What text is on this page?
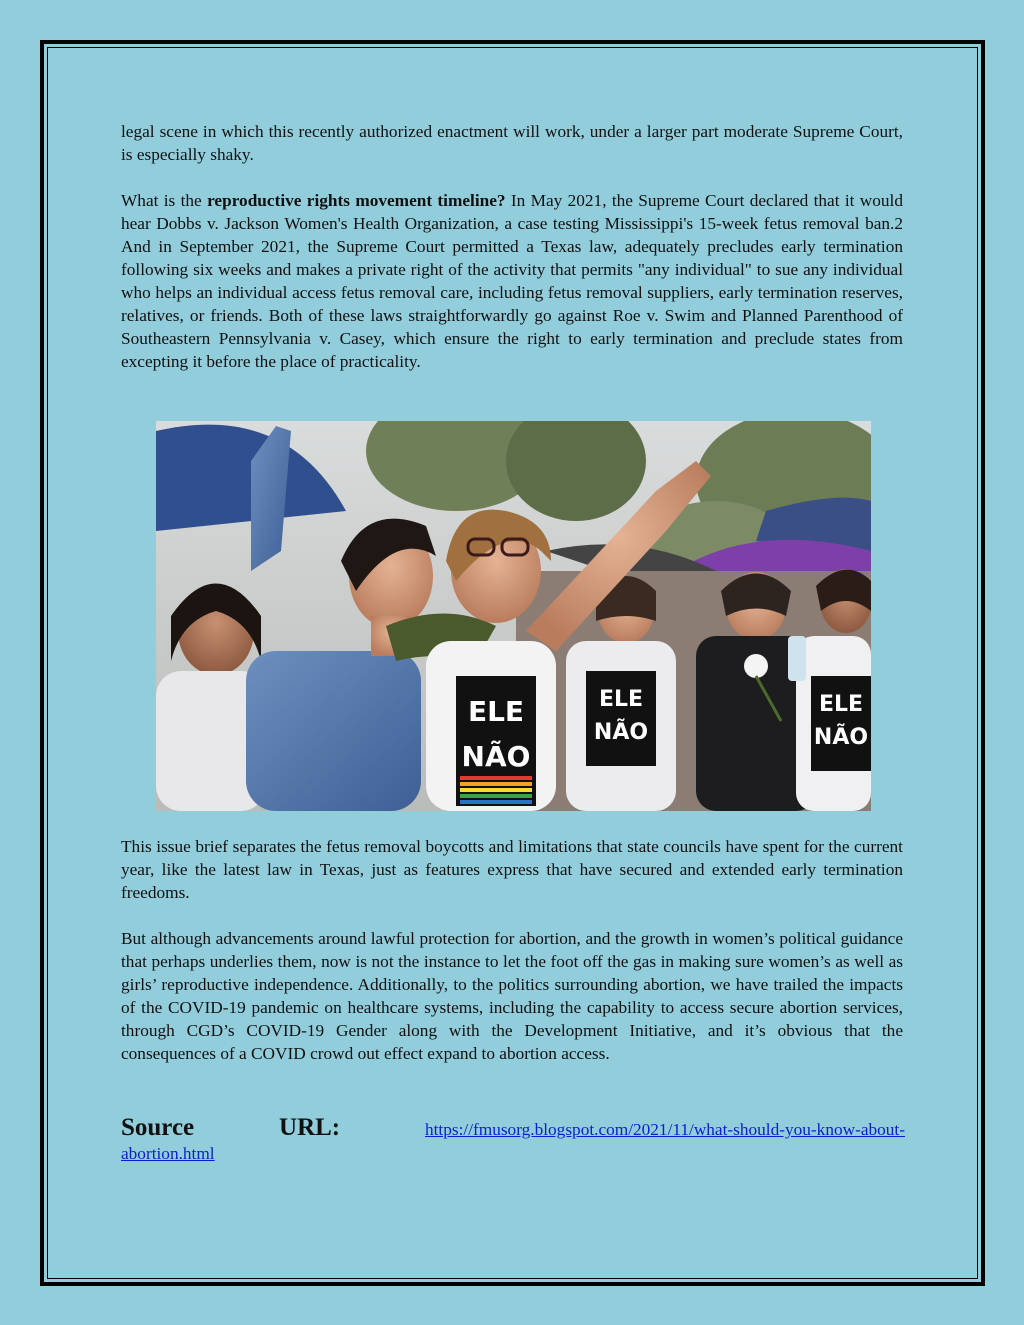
legal scene in which this recently authorized enactment will work, under a larger part moderate Supreme Court, is especially shaky.

What is the reproductive rights movement timeline? In May 2021, the Supreme Court declared that it would hear Dobbs v. Jackson Women's Health Organization, a case testing Mississippi's 15-week fetus removal ban.2 And in September 2021, the Supreme Court permitted a Texas law, adequately precludes early termination following six weeks and makes a private right of the activity that permits "any individual" to sue any individual who helps an individual access fetus removal care, including fetus removal suppliers, early termination reserves, relatives, or friends. Both of these laws straightforwardly go against Roe v. Swim and Planned Parenthood of Southeastern Pennsylvania v. Casey, which ensure the right to early termination and preclude states from excepting it before the place of practicality.

ELE
NÃO
ELE
NÃO
ELE
NÃO

This issue brief separates the fetus removal boycotts and limitations that state councils have spent for the current year, like the latest law in Texas, just as features express that have secured and extended early termination freedoms.

But although advancements around lawful protection for abortion, and the growth in women’s political guidance that perhaps underlies them, now is not the instance to let the foot off the gas in making sure women’s as well as girls’ reproductive independence. Additionally, to the politics surrounding abortion, we have trailed the impacts of the COVID-19 pandemic on healthcare systems, including the capability to access secure abortion services, through CGD’s COVID-19 Gender along with the Development Initiative, and it’s obvious that the consequences of a COVID crowd out effect expand to abortion access.

Source	URL:	https://fmusorg.blogspot.com/2021/11/what-should-you-know-about-
abortion.html
